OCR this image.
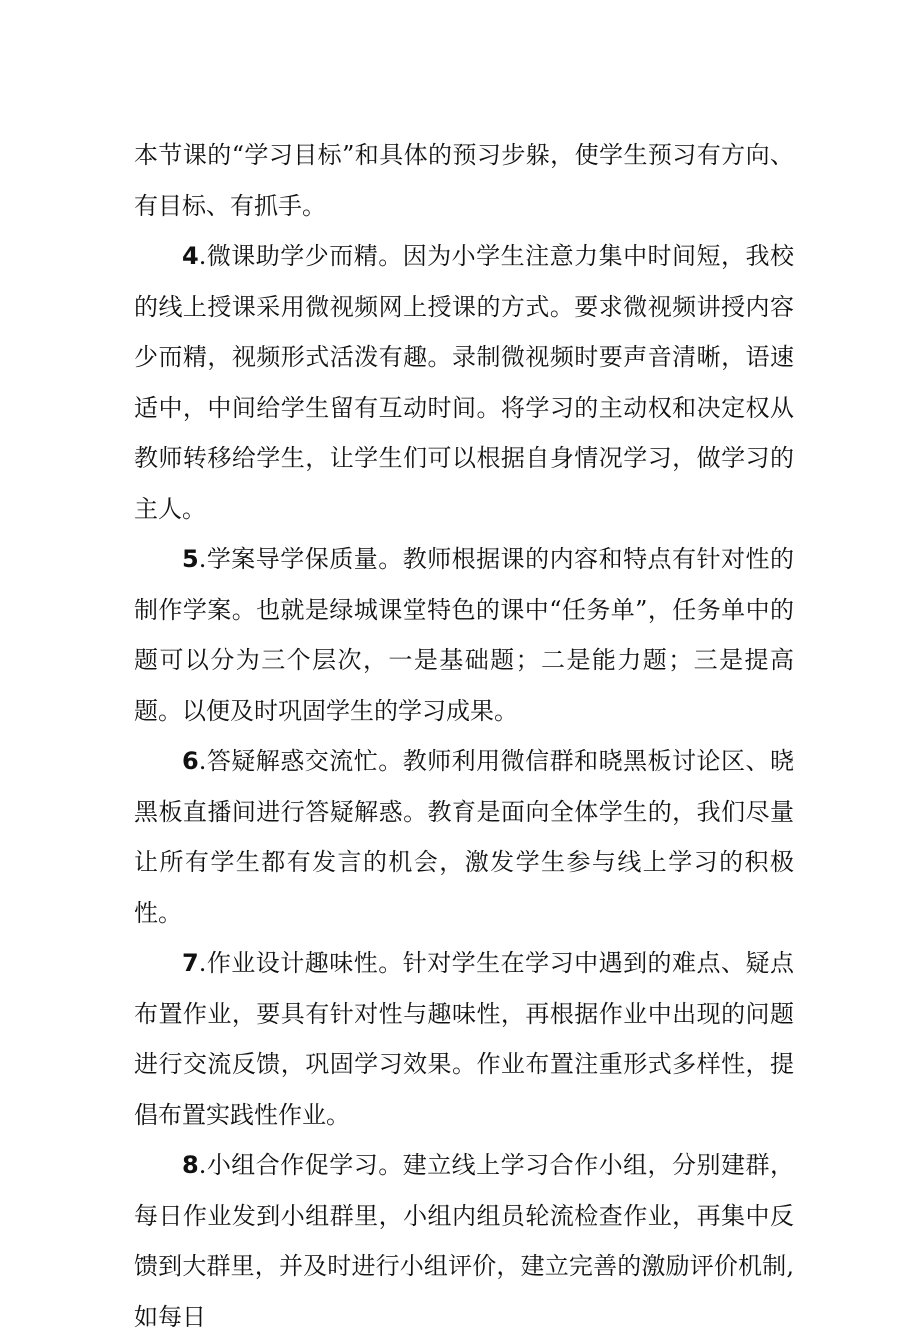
本节课的“学习目标”和具体的预习步躲，使学生预习有方向、有目标、有抓手。

4.微课助学少而精。因为小学生注意力集中时间短，我校的线上授课采用微视频网上授课的方式。要求微视频讲授内容少而精，视频形式活泼有趣。录制微视频时要声音清晰，语速适中，中间给学生留有互动时间。将学习的主动权和决定权从教师转移给学生，让学生们可以根据自身情况学习，做学习的主人。

5.学案导学保质量。教师根据课的内容和特点有针对性的制作学案。也就是绿城课堂特色的课中“任务单”，任务单中的题可以分为三个层次，一是基础题；二是能力题；三是提高题。以便及时巩固学生的学习成果。

6.答疑解惑交流忙。教师利用微信群和晓黑板讨论区、晓黑板直播间进行答疑解惑。教育是面向全体学生的，我们尽量让所有学生都有发言的机会，激发学生参与线上学习的积极性。

7.作业设计趣味性。针对学生在学习中遇到的难点、疑点布置作业，要具有针对性与趣味性，再根据作业中出现的问题进行交流反馈，巩固学习效果。作业布置注重形式多样性，提倡布置实践性作业。

8.小组合作促学习。建立线上学习合作小组，分别建群，每日作业发到小组群里，小组内组员轮流检查作业，再集中反馈到大群里，并及时进行小组评价，建立完善的激励评价机制,如每日
